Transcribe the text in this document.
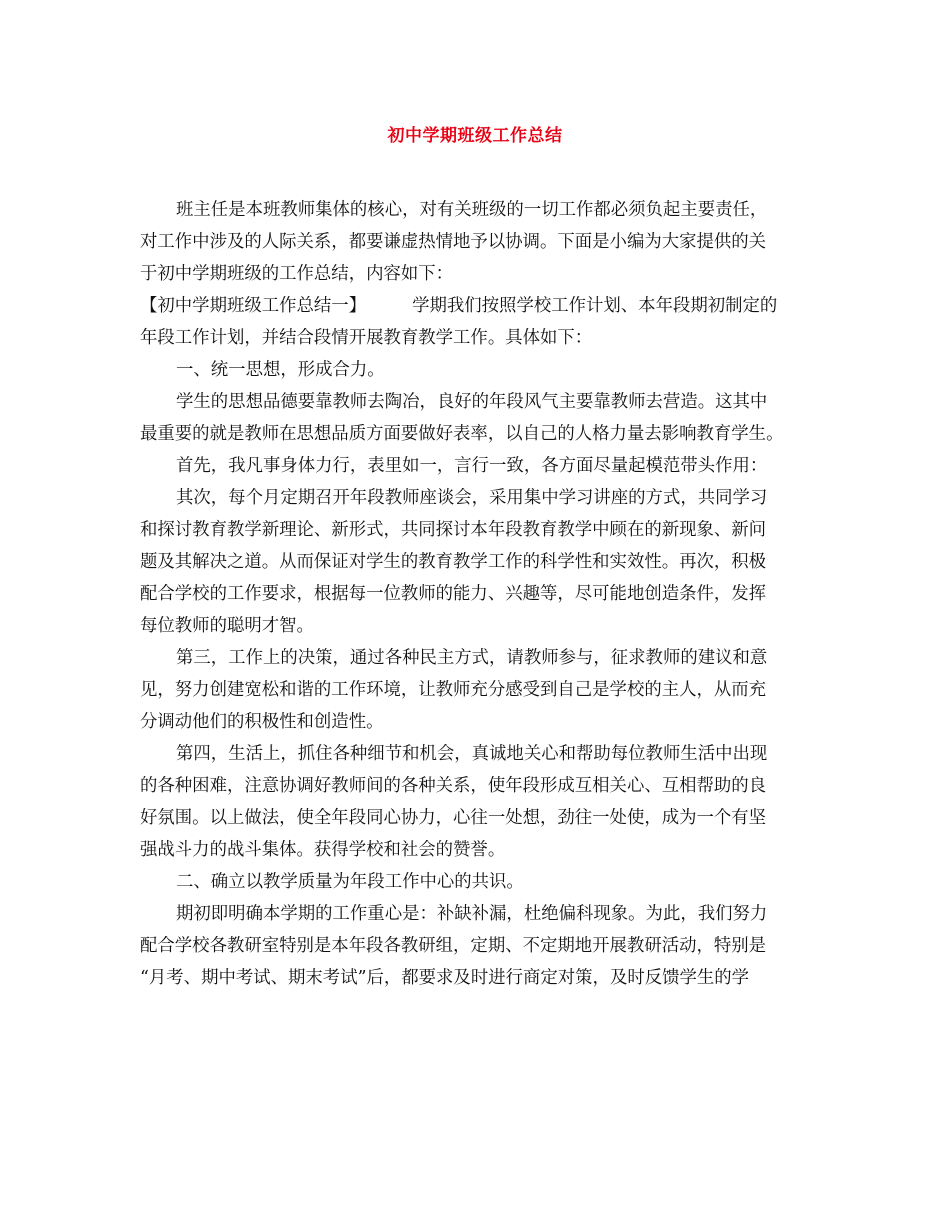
初中学期班级工作总结
班主任是本班教师集体的核心，对有关班级的一切工作都必须负起主要责任，
对工作中涉及的人际关系，都要谦虚热情地予以协调。下面是小编为大家提供的关
于初中学期班级的工作总结，内容如下：
【初中学期班级工作总结一】	学期我们按照学校工作计划、本年段期初制定的
年段工作计划，并结合段情开展教育教学工作。具体如下：
一、统一思想，形成合力。
学生的思想品德要靠教师去陶冶，良好的年段风气主要靠教师去营造。这其中
最重要的就是教师在思想品质方面要做好表率，以自己的人格力量去影响教育学生。
首先，我凡事身体力行，表里如一，言行一致，各方面尽量起模范带头作用：
其次，每个月定期召开年段教师座谈会，采用集中学习讲座的方式，共同学习
和探讨教育教学新理论、新形式，共同探讨本年段教育教学中顾在的新现象、新问
题及其解决之道。从而保证对学生的教育教学工作的科学性和实效性。再次，积极
配合学校的工作要求，根据每一位教师的能力、兴趣等，尽可能地创造条件，发挥
每位教师的聪明才智。
第三，工作上的决策，通过各种民主方式，请教师参与，征求教师的建议和意
见，努力创建宽松和谐的工作环境，让教师充分感受到自己是学校的主人，从而充
分调动他们的积极性和创造性。
第四，生活上，抓住各种细节和机会，真诚地关心和帮助每位教师生活中出现
的各种困难，注意协调好教师间的各种关系，使年段形成互相关心、互相帮助的良
好氛围。以上做法，使全年段同心协力，心往一处想，劲往一处使，成为一个有坚
强战斗力的战斗集体。获得学校和社会的赞誉。
二、确立以教学质量为年段工作中心的共识。
期初即明确本学期的工作重心是：补缺补漏，杜绝偏科现象。为此，我们努力
配合学校各教研室特别是本年段各教研组，定期、不定期地开展教研活动，特别是
“月考、期中考试、期末考试”后，都要求及时进行商定对策，及时反馈学生的学
